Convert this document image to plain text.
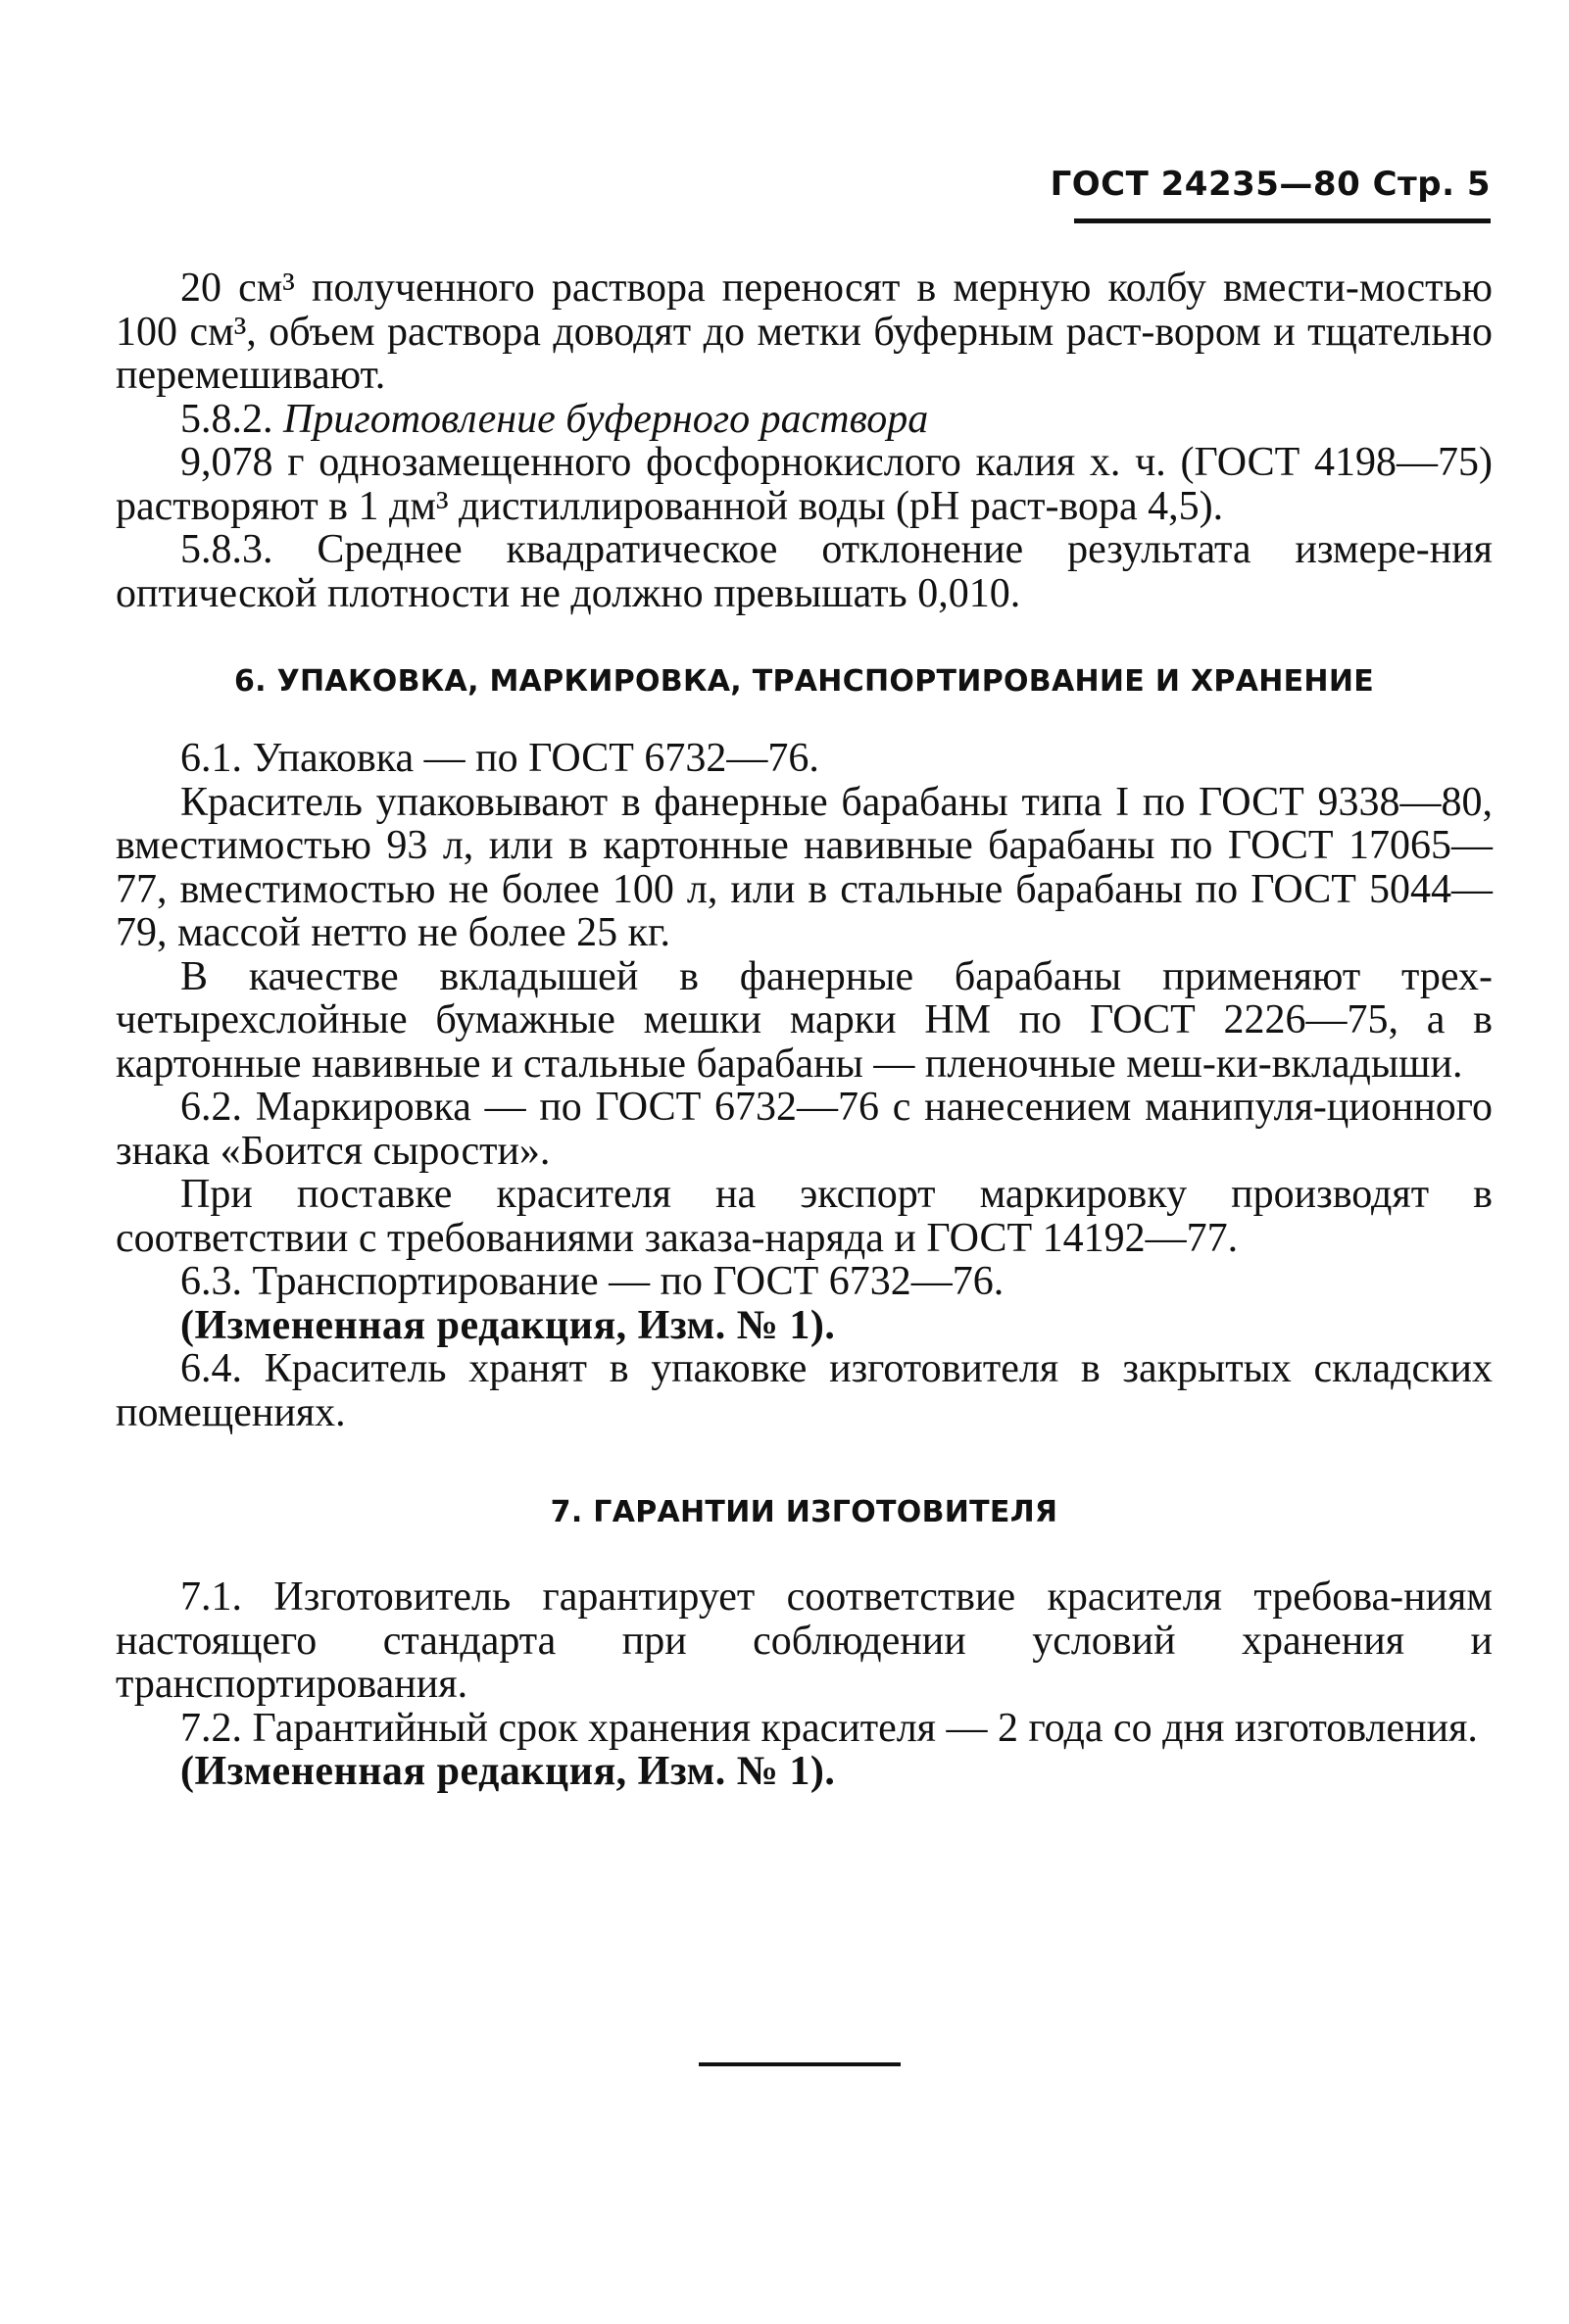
ГОСТ 24235—80 Стр. 5

20 см³ полученного раствора переносят в мерную колбу вмести-мостью 100 см³, объем раствора доводят до метки буферным раст-вором и тщательно перемешивают.

5.8.2. Приготовление буферного раствора

9,078 г однозамещенного фосфорнокислого калия х. ч. (ГОСТ 4198—75) растворяют в 1 дм³ дистиллированной воды (рН раст-вора 4,5).

5.8.3. Среднее квадратическое отклонение результата измере-ния оптической плотности не должно превышать 0,010.

6. УПАКОВКА, МАРКИРОВКА, ТРАНСПОРТИРОВАНИЕ И ХРАНЕНИЕ

6.1. Упаковка — по ГОСТ 6732—76.

Краситель упаковывают в фанерные барабаны типа I по ГОСТ 9338—80, вместимостью 93 л, или в картонные навивные барабаны по ГОСТ 17065—77, вместимостью не более 100 л, или в стальные барабаны по ГОСТ 5044—79, массой нетто не более 25 кг.

В качестве вкладышей в фанерные барабаны применяют трех-четырехслойные бумажные мешки марки НМ по ГОСТ 2226—75, а в картонные навивные и стальные барабаны — пленочные меш-ки-вкладыши.

6.2. Маркировка — по ГОСТ 6732—76 с нанесением манипуля-ционного знака «Боится сырости».

При поставке красителя на экспорт маркировку производят в соответствии с требованиями заказа-наряда и ГОСТ 14192—77.

6.3. Транспортирование — по ГОСТ 6732—76.

(Измененная редакция, Изм. № 1).

6.4. Краситель хранят в упаковке изготовителя в закрытых складских помещениях.

7. ГАРАНТИИ ИЗГОТОВИТЕЛЯ

7.1. Изготовитель гарантирует соответствие красителя требова-ниям настоящего стандарта при соблюдении условий хранения и транспортирования.

7.2. Гарантийный срок хранения красителя — 2 года со дня изготовления.

(Измененная редакция, Изм. № 1).
